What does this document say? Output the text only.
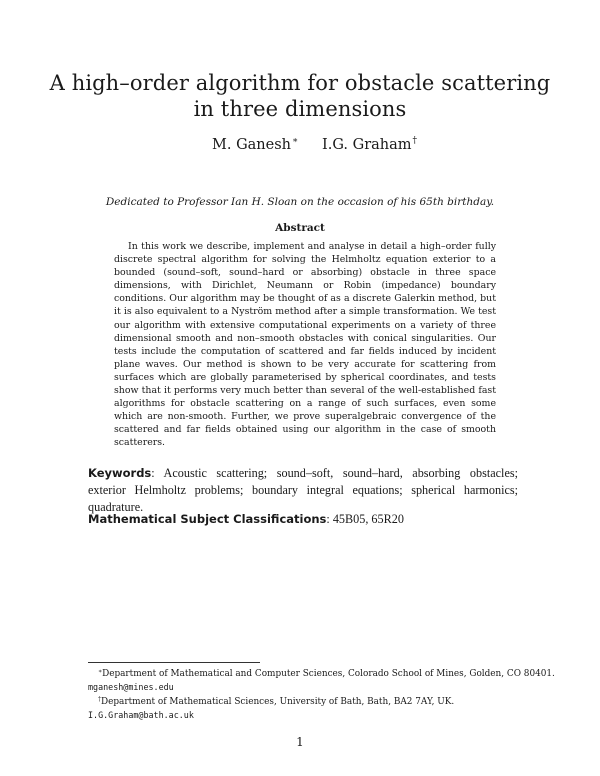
A high–order algorithm for obstacle scattering
in three dimensions
M. Ganesh∗ I.G. Graham†
Dedicated to Professor Ian H. Sloan on the occasion of his 65th birthday.
Abstract

In this work we describe, implement and analyse in detail a high–order fully discrete spectral algorithm for solving the Helmholtz equation exterior to a bounded (sound–soft, sound–hard or absorbing) obstacle in three space dimensions, with Dirichlet, Neumann or Robin (impedance) boundary conditions. Our algorithm may be thought of as a discrete Galerkin method, but it is also equivalent to a Nyström method after a simple transformation. We test our algorithm with extensive computational experiments on a variety of three dimensional smooth and non–smooth obstacles with conical singularities. Our tests include the computation of scattered and far fields induced by incident plane waves. Our method is shown to be very accurate for scattering from surfaces which are globally parameterised by spherical coordinates, and tests show that it performs very much better than several of the well-established fast algorithms for obstacle scattering on a range of such surfaces, even some which are non-smooth. Further, we prove superalgebraic convergence of the scattered and far fields obtained using our algorithm in the case of smooth scatterers.

Keywords: Acoustic scattering; sound–soft, sound–hard, absorbing obstacles; exterior Helmholtz problems; boundary integral equations; spherical harmonics; quadrature.

Mathematical Subject Classifications: 45B05, 65R20

∗Department of Mathematical and Computer Sciences, Colorado School of Mines, Golden, CO 80401.
mganesh@mines.edu
†Department of Mathematical Sciences, University of Bath, Bath, BA2 7AY, UK.
I.G.Graham@bath.ac.uk
1
